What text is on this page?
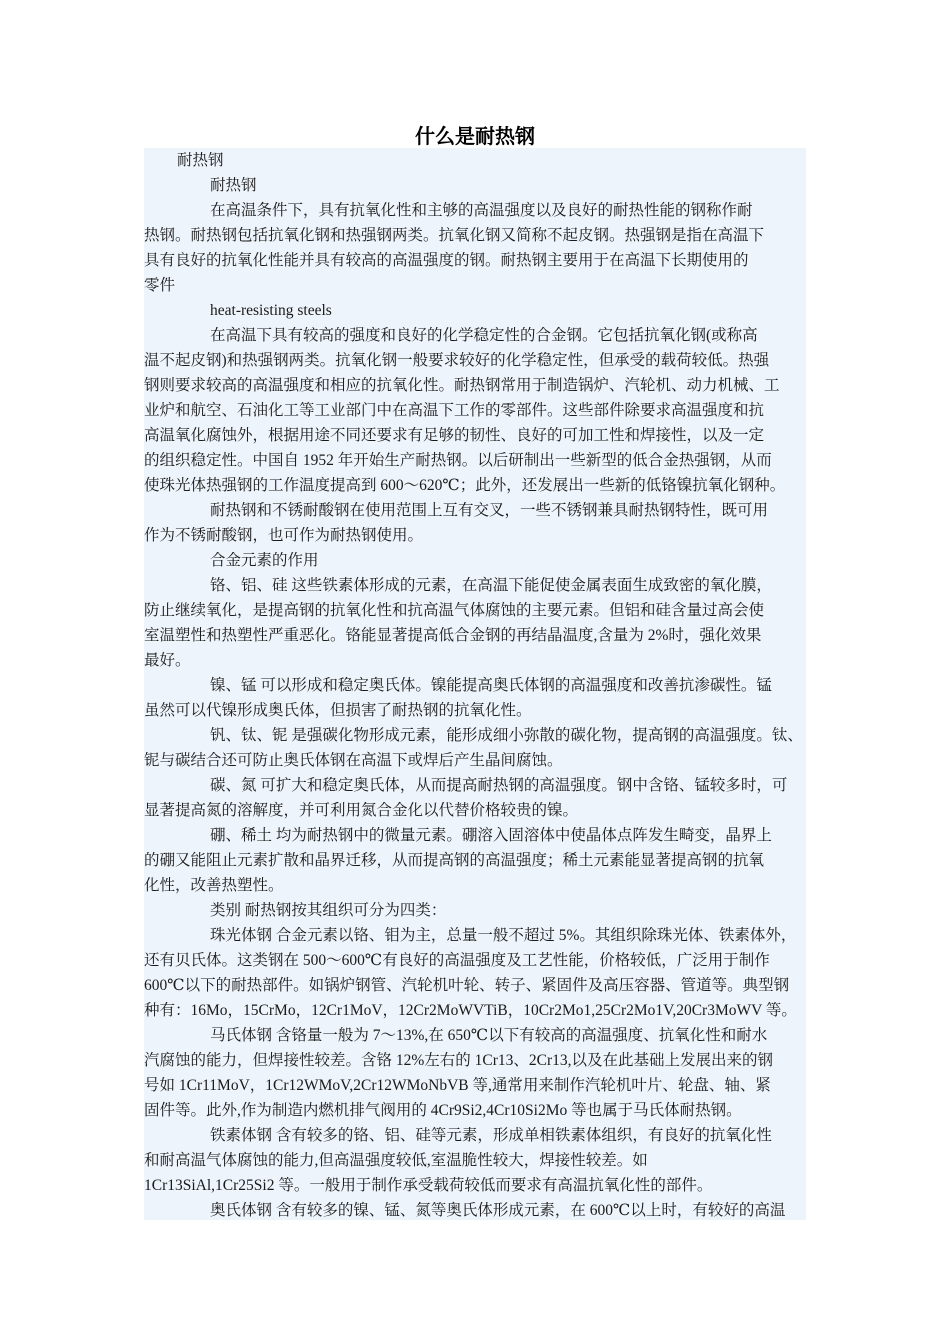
什么是耐热钢
耐热钢
耐热钢
在高温条件下，具有抗氧化性和主够的高温强度以及良好的耐热性能的钢称作耐
热钢。耐热钢包括抗氧化钢和热强钢两类。抗氧化钢又简称不起皮钢。热强钢是指在高温下
具有良好的抗氧化性能并具有较高的高温强度的钢。耐热钢主要用于在高温下长期使用的
零件
heat-resisting steels
在高温下具有较高的强度和良好的化学稳定性的合金钢。它包括抗氧化钢(或称高
温不起皮钢)和热强钢两类。抗氧化钢一般要求较好的化学稳定性，但承受的载荷较低。热强
钢则要求较高的高温强度和相应的抗氧化性。耐热钢常用于制造锅炉、汽轮机、动力机械、工
业炉和航空、石油化工等工业部门中在高温下工作的零部件。这些部件除要求高温强度和抗
高温氧化腐蚀外，根据用途不同还要求有足够的韧性、良好的可加工性和焊接性，以及一定
的组织稳定性。中国自 1952 年开始生产耐热钢。以后研制出一些新型的低合金热强钢，从而
使珠光体热强钢的工作温度提高到 600～620℃；此外，还发展出一些新的低铬镍抗氧化钢种。
耐热钢和不锈耐酸钢在使用范围上互有交叉，一些不锈钢兼具耐热钢特性，既可用
作为不锈耐酸钢，也可作为耐热钢使用。
合金元素的作用
铬、铝、硅 这些铁素体形成的元素，在高温下能促使金属表面生成致密的氧化膜，
防止继续氧化，是提高钢的抗氧化性和抗高温气体腐蚀的主要元素。但铝和硅含量过高会使
室温塑性和热塑性严重恶化。铬能显著提高低合金钢的再结晶温度,含量为 2%时，强化效果
最好。
镍、锰 可以形成和稳定奥氏体。镍能提高奥氏体钢的高温强度和改善抗渗碳性。锰
虽然可以代镍形成奥氏体，但损害了耐热钢的抗氧化性。
钒、钛、铌 是强碳化物形成元素，能形成细小弥散的碳化物，提高钢的高温强度。钛、
铌与碳结合还可防止奥氏体钢在高温下或焊后产生晶间腐蚀。
碳、氮 可扩大和稳定奥氏体，从而提高耐热钢的高温强度。钢中含铬、锰较多时，可
显著提高氮的溶解度，并可利用氮合金化以代替价格较贵的镍。
硼、稀土 均为耐热钢中的微量元素。硼溶入固溶体中使晶体点阵发生畸变，晶界上
的硼又能阻止元素扩散和晶界迁移，从而提高钢的高温强度；稀土元素能显著提高钢的抗氧
化性，改善热塑性。
类别 耐热钢按其组织可分为四类：
珠光体钢 合金元素以铬、钼为主，总量一般不超过 5%。其组织除珠光体、铁素体外，
还有贝氏体。这类钢在 500～600℃有良好的高温强度及工艺性能，价格较低，广泛用于制作
600℃以下的耐热部件。如锅炉钢管、汽轮机叶轮、转子、紧固件及高压容器、管道等。典型钢
种有：16Mo，15CrMo，12Cr1MoV，12Cr2MoWVTiB，10Cr2Mo1,25Cr2Mo1V,20Cr3MoWV 等。
马氏体钢 含铬量一般为 7～13%,在 650℃以下有较高的高温强度、抗氧化性和耐水
汽腐蚀的能力，但焊接性较差。含铬 12%左右的 1Cr13、2Cr13,以及在此基础上发展出来的钢
号如 1Cr11MoV，1Cr12WMoV,2Cr12WMoNbVB 等,通常用来制作汽轮机叶片、轮盘、轴、紧
固件等。此外,作为制造内燃机排气阀用的 4Cr9Si2,4Cr10Si2Mo 等也属于马氏体耐热钢。
铁素体钢 含有较多的铬、铝、硅等元素，形成单相铁素体组织，有良好的抗氧化性
和耐高温气体腐蚀的能力,但高温强度较低,室温脆性较大，焊接性较差。如
1Cr13SiAl,1Cr25Si2 等。一般用于制作承受载荷较低而要求有高温抗氧化性的部件。
奥氏体钢 含有较多的镍、锰、氮等奥氏体形成元素，在 600℃以上时，有较好的高温
